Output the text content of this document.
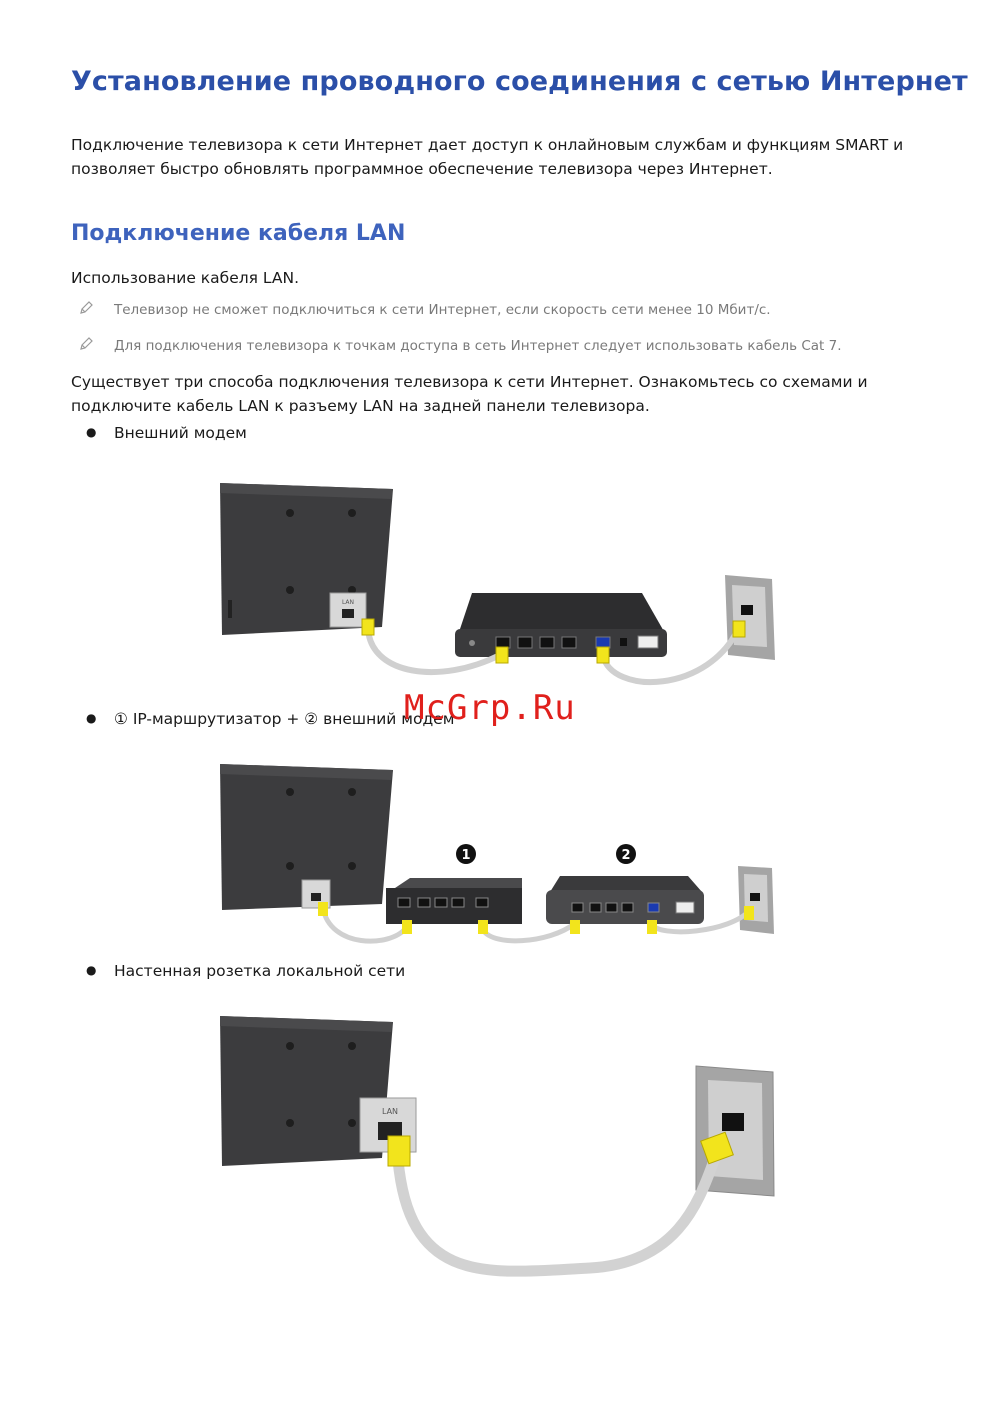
Установление проводного соединения с сетью Интернет
Подключение телевизора к сети Интернет дает доступ к онлайновым службам и функциям SMART и позволяет быстро обновлять программное обеспечение телевизора через Интернет.
Подключение кабеля LAN
Использование кабеля LAN.
Телевизор не сможет подключиться к сети Интернет, если скорость сети менее 10 Мбит/с.
Для подключения телевизора к точкам доступа в сеть Интернет следует использовать кабель Cat 7.
Существует три способа подключения телевизора к сети Интернет. Ознакомьтесь со схемами и подключите кабель LAN к разъему LAN на задней панели телевизора.
● Внешний модем
LAN
● ① IP-маршрутизатор + ② внешний модем
1	2
● Настенная розетка локальной сети
LAN
McGrp.Ru
